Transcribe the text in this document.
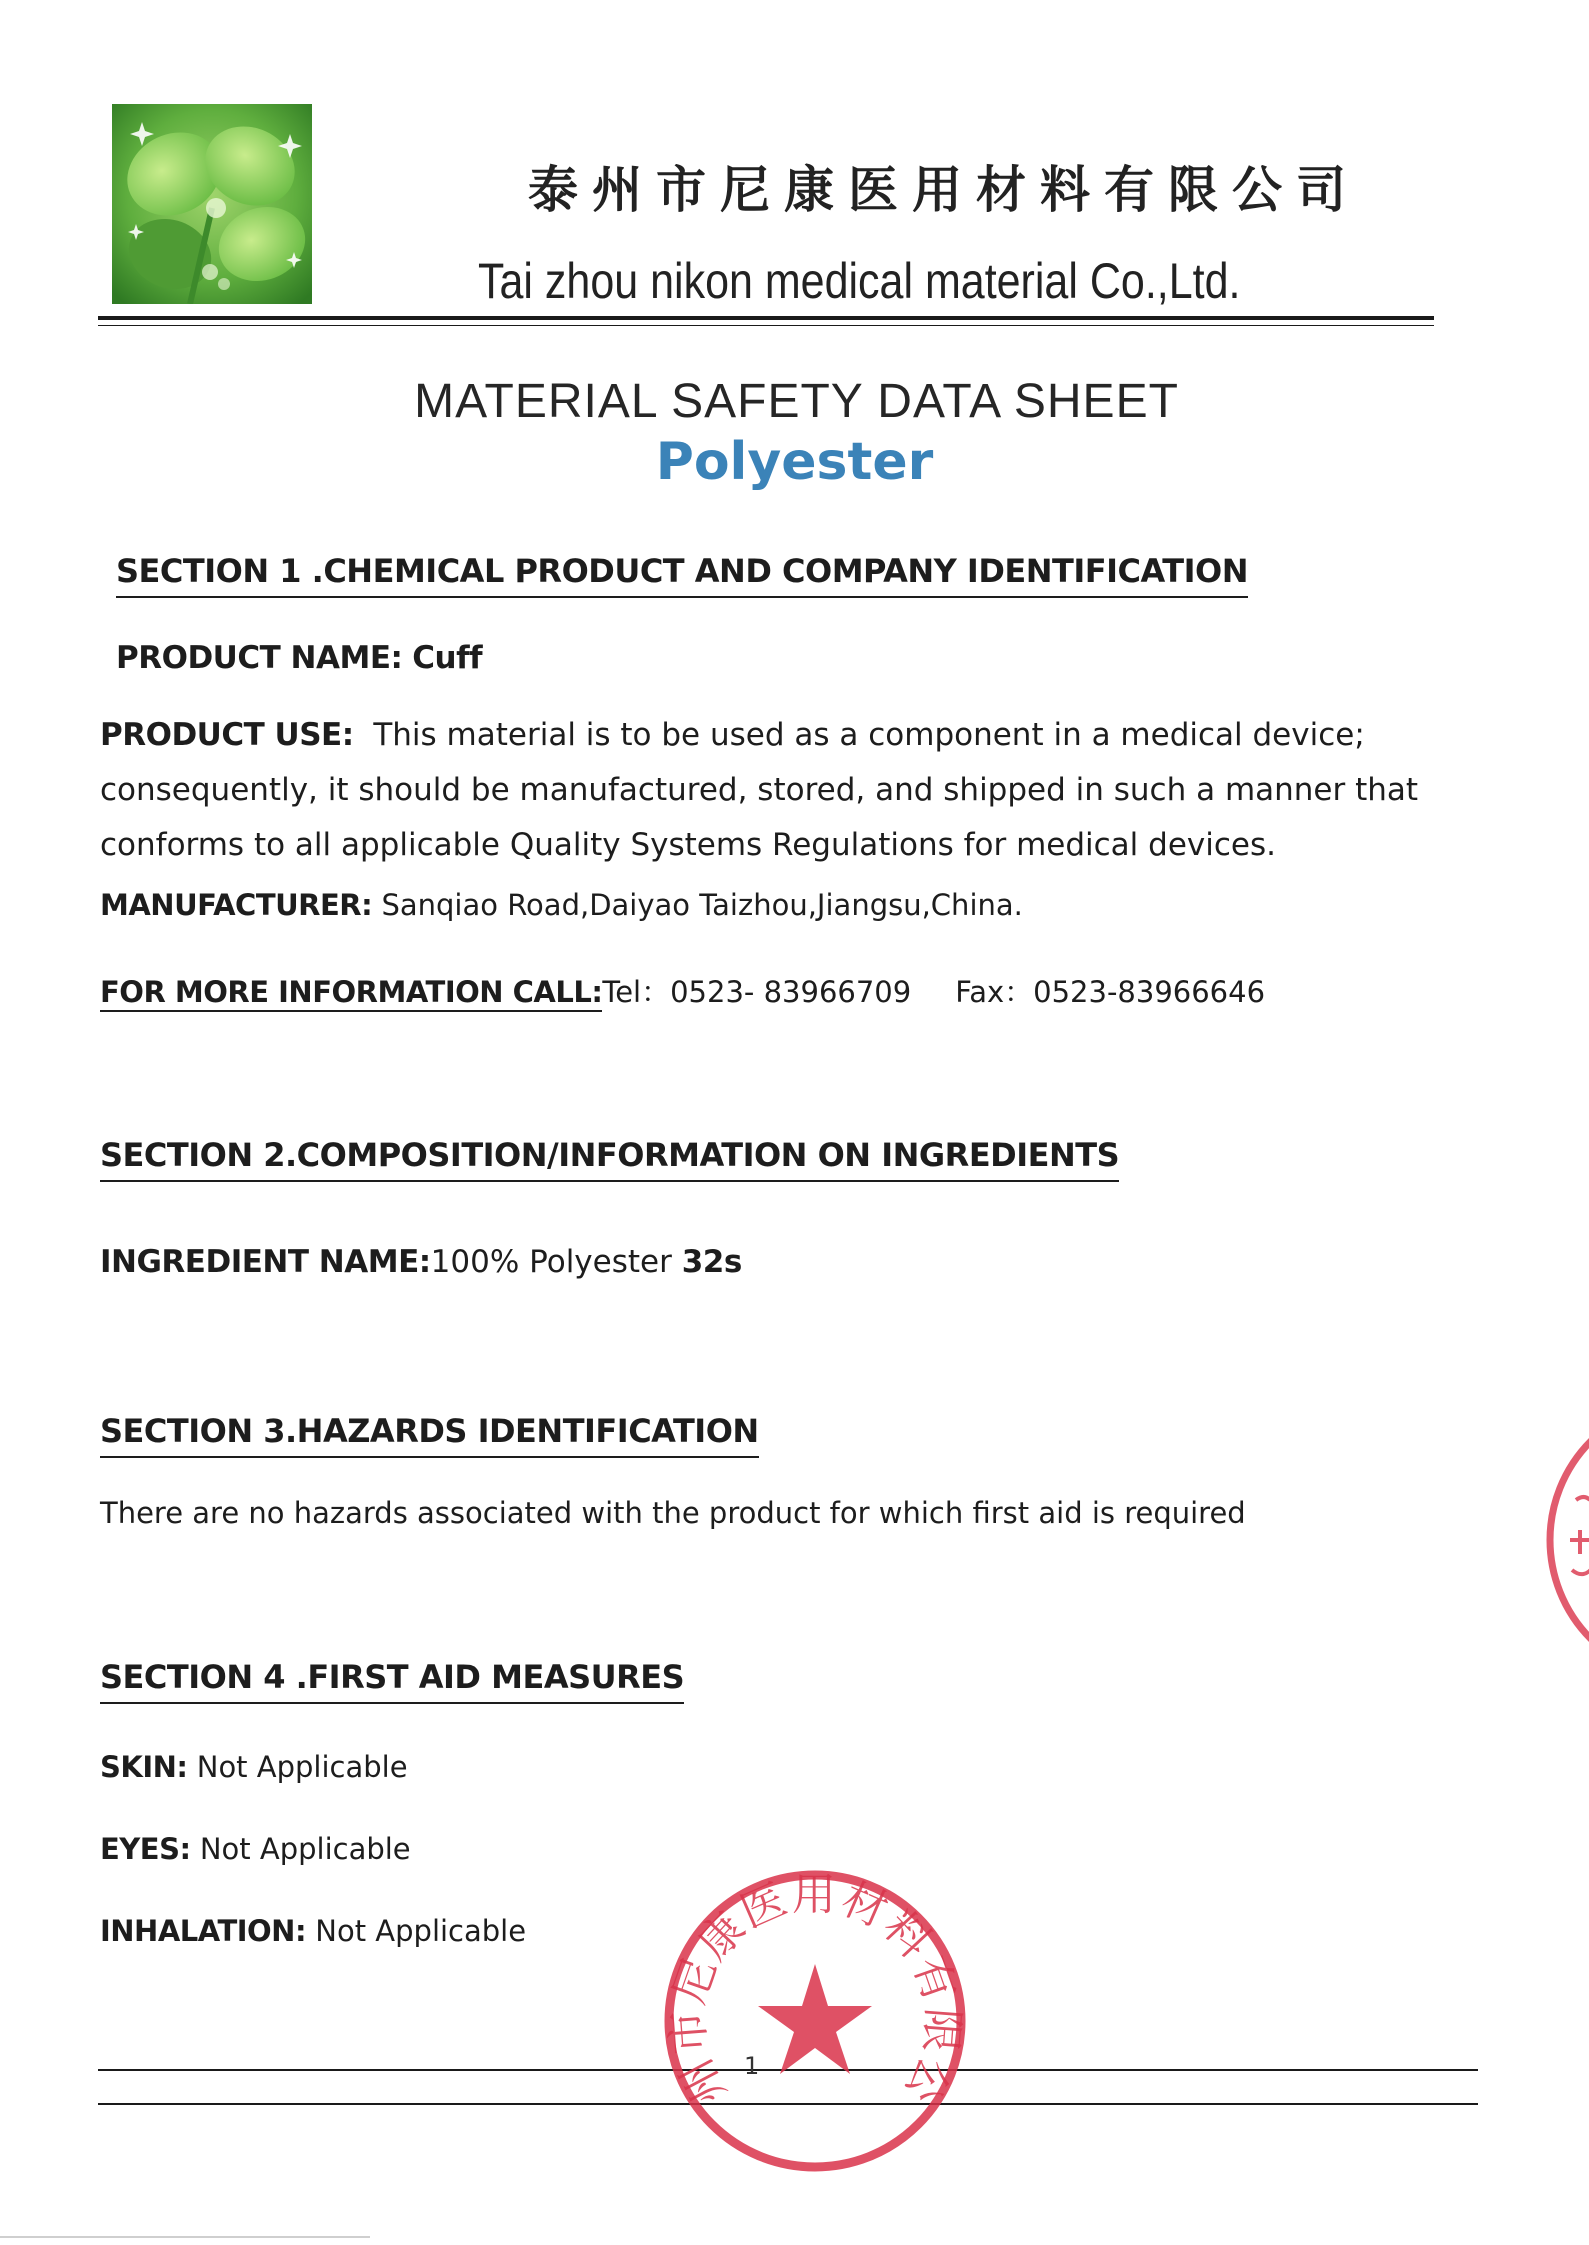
泰州市尼康医用材料有限公司
Tai zhou nikon medical material Co.,Ltd.
MATERIAL SAFETY DATA SHEET
Polyester
SECTION 1 .CHEMICAL PRODUCT AND COMPANY IDENTIFICATION
PRODUCT NAME: Cuff
PRODUCT USE: This material is to be used as a component in a medical device; consequently, it should be manufactured, stored, and shipped in such a manner that conforms to all applicable Quality Systems Regulations for medical devices.
MANUFACTURER: Sanqiao Road,Daiyao Taizhou,Jiangsu,China.
FOR MORE INFORMATION CALL:Tel：0523- 83966709 Fax：0523-83966646
SECTION 2.COMPOSITION/INFORMATION ON INGREDIENTS
INGREDIENT NAME:100% Polyester 32s
SECTION 3.HAZARDS IDENTIFICATION
There are no hazards associated with the product for which first aid is required
SECTION 4 .FIRST AID MEASURES
SKIN: Not Applicable
EYES: Not Applicable
INHALATION: Not Applicable
1
州市尼康医用材料有限公
